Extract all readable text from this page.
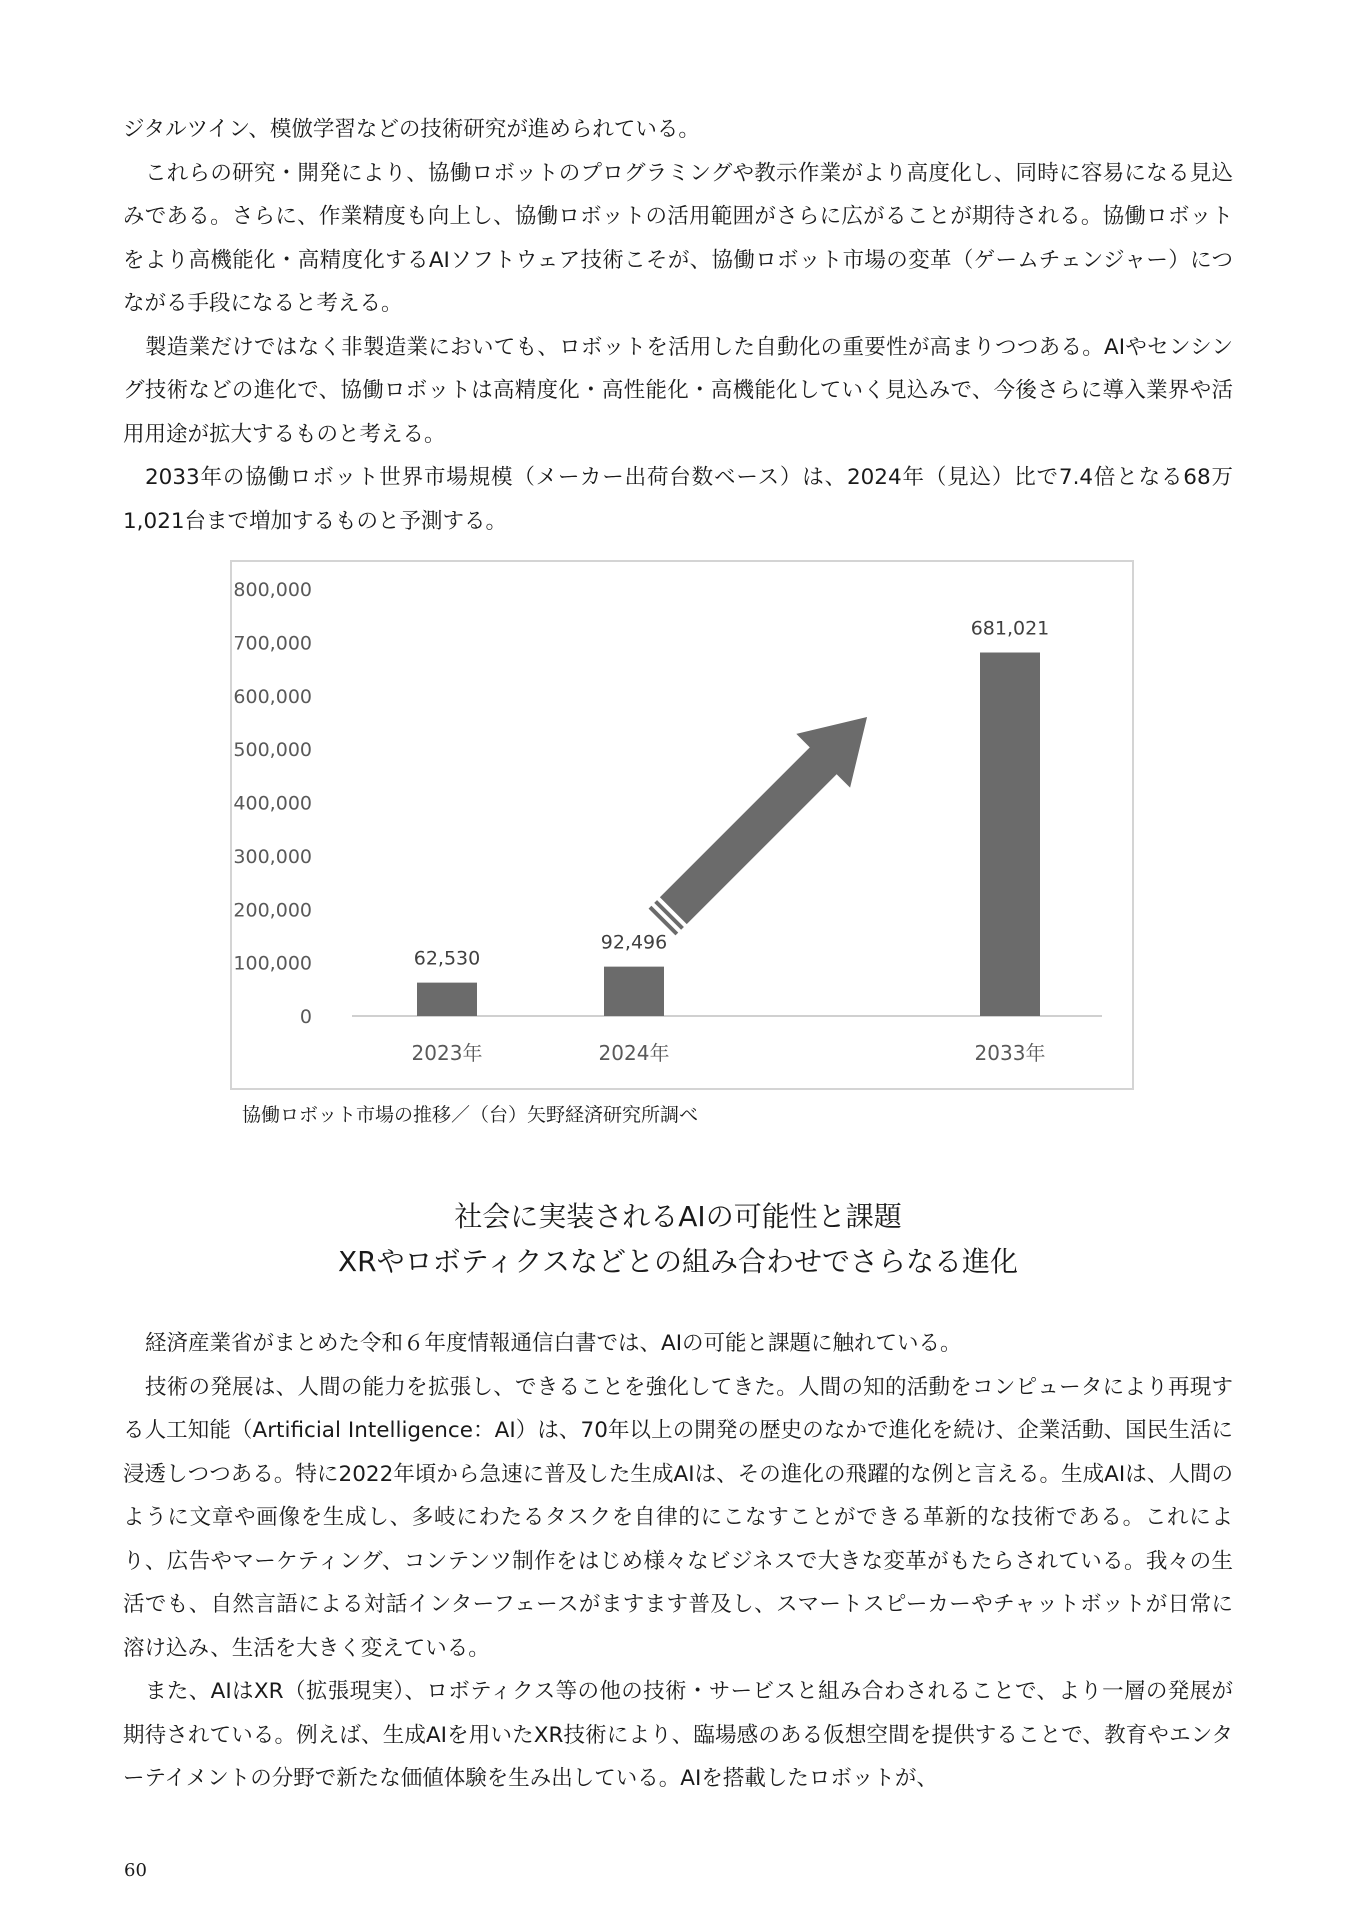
ジタルツイン、模倣学習などの技術研究が進められている。

これらの研究・開発により、協働ロボットのプログラミングや教示作業がより高度化し、同時に容易になる見込みである。さらに、作業精度も向上し、協働ロボットの活用範囲がさらに広がることが期待される。協働ロボットをより高機能化・高精度化するAIソフトウェア技術こそが、協働ロボット市場の変革（ゲームチェンジャー）につながる手段になると考える。

製造業だけではなく非製造業においても、ロボットを活用した自動化の重要性が高まりつつある。AIやセンシング技術などの進化で、協働ロボットは高精度化・高性能化・高機能化していく見込みで、今後さらに導入業界や活用用途が拡大するものと考える。

2033年の協働ロボット世界市場規模（メーカー出荷台数ベース）は、2024年（見込）比で7.4倍となる68万1,021台まで増加するものと予測する。

0
100,000
200,000
300,000
400,000
500,000
600,000
700,000
800,000
62,530
2023年
92,496
2024年
681,021
2033年
協働ロボット市場の推移／（台）矢野経済研究所調べ
社会に実装されるAIの可能性と課題
XRやロボティクスなどとの組み合わせでさらなる進化

経済産業省がまとめた令和６年度情報通信白書では、AIの可能と課題に触れている。

技術の発展は、人間の能力を拡張し、できることを強化してきた。人間の知的活動をコンピュータにより再現する人工知能（Artificial Intelligence：AI）は、70年以上の開発の歴史のなかで進化を続け、企業活動、国民生活に浸透しつつある。特に2022年頃から急速に普及した生成AIは、その進化の飛躍的な例と言える。生成AIは、人間のように文章や画像を生成し、多岐にわたるタスクを自律的にこなすことができる革新的な技術である。これにより、広告やマーケティング、コンテンツ制作をはじめ様々なビジネスで大きな変革がもたらされている。我々の生活でも、自然言語による対話インターフェースがますます普及し、スマートスピーカーやチャットボットが日常に溶け込み、生活を大きく変えている。

また、AIはXR（拡張現実）、ロボティクス等の他の技術・サービスと組み合わされることで、より一層の発展が期待されている。例えば、生成AIを用いたXR技術により、臨場感のある仮想空間を提供することで、教育やエンターテイメントの分野で新たな価値体験を生み出している。AIを搭載したロボットが、

60
